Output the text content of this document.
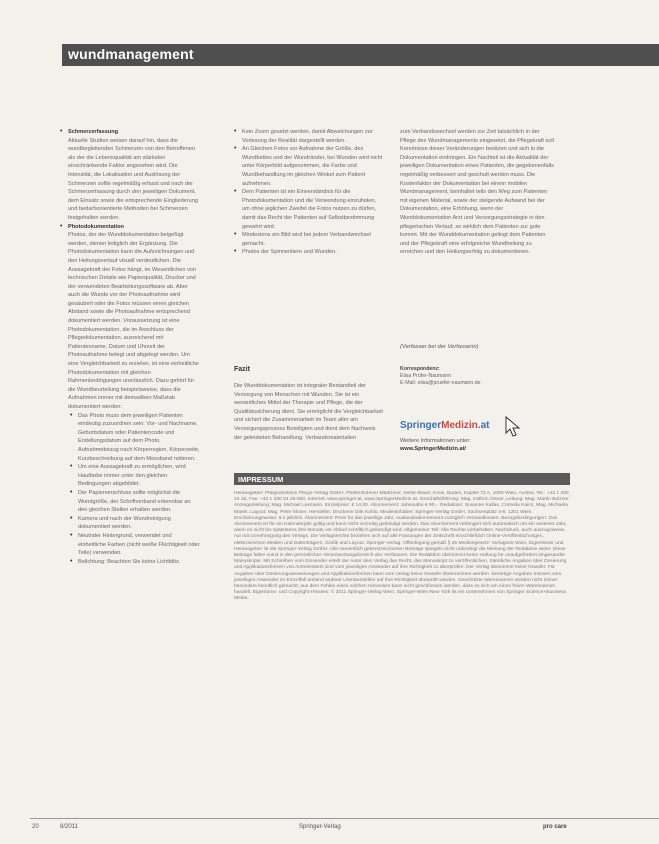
wundmanagement
• Schmerzerfassung
Aktuelle Studien weisen darauf hin, dass die wundbegleitenden Schmerzen von den Betroffenen als der die Lebensqualität am stärksten einschränkende Faktor angesehen wird. Die Intensität, die Lokalisation und Auslösung der Schmerzen sollte regelmäßig erfasst und nach der Schmerzerfassung durch den jeweiligen Dokument, dem Einsatz sowie die entsprechende Eingliederung und bedarfsorientierte Methoden bei Schmerzen festgehalten werden.
• Photodokumentation
Photos, der der Wunddokumentation beigefügt werden, dienen lediglich der Ergänzung. Die Photodokumentation kann die Aufzeichnungen und den Heilungsverlauf visuell verdeutlichen. Die Aussagekraft der Fotos hängt, im Wesentlichen von technischen Details wie Papierqualität, Drucker und der verwendeten Bearbeitungssoftware ab. Aber auch die Wunde vor der Photoaufnahme wird gesäubert oder die Fotos müssen einen gleichen Abstand sowie die Photoaufnahme entsprechend dokumentiert werden. Voraussetzung ist eine Photodokumentation, die im Anschluss der Pflegedokumentation, ausreichend mit Patientenname, Datum und Uhrzeit der Photoaufnahme belegt und abgelegt werden. Um eine Vergleichbarkeit zu erzielen, ist eine einheitliche Photodokumentation mit gleichen Rahmenbedingungen unerlässlich. Dazu gehört für die Wundbeurteilung beispielsweise, dass die Aufnahmen immer mit demselben Maßstab dokumentiert werden:
• Das Photo muss dem jeweiligen Patienten eindeutig zuzuordnen sein: Vor- und Nachname, Geburtsdatum oder Patientencode und Erstellungsdatum auf dem Photo, Aufnahmebezug nach Körperregion, Körperseite, Kurzbeschreibung auf dem Messband notieren.
• Um eine Aussagekraft zu ermöglichen, wird Hautfarbe immer unter den gleichen Bedingungen abgebildet.
• Der Papierverschluss sollte möglichst die Wundgröße, der Schriftverband erkennbar an den gleichen Stellen erhalten werden.
• Kamera und nach der Wundreinigung dokumentiert werden.
• Neutraler Hintergrund, verwendet und einheitliche Farben (nicht weiße Flüchtigkeit oder Teile) verwenden.
• Belichtung: Beachten Sie keine Lichtblitz.
• Kein Zoom gesetzt werden, damit Abweichungen zur Vorlesung der Realität dargestellt werden.
• An Gleichen Fotos vor Aufnahme der Größe, des Wundbettes und der Wundränder, bei Wunden wird nicht unter Körperbild aufgenommen, die Farbe und Wundbehandlung im gleichen Winkel zum Patient aufnehmen.
• Dem Patienten ist ein Einverständnis für die Photodokumentation und die Verwendung einzuholen, um ohne jeglichen Zweifel die Fotos nutzen zu dürfen, damit das Recht der Patienten auf Selbstbestimmung gewahrt wird.
• Mindestens ein Bild wird bei jedem Verbandwechsel gemacht.
• Photos der Spinnentiere und Wunden.
Fazit
Die Wunddokumentation ist integraler Bestandteil der Versorgung von Menschen mit Wunden. Sie ist ein wesentliches Mittel der Therapie und Pflege, die der Qualitätssicherung dient. Sie ermöglicht die Vergleichbarkeit und sichert die Zusammenarbeit im Team aller am Versorgungsprozess Beteiligten und dient dem Nachweis der geleisteten Behandlung. Verbandsmaterialien
zum Verbandswechsel werden zur Zeit tatsächlich in der Pflege des Wundmanagements eingesetzt, die Pflegekraft soll Kenntnisse dieser Veränderungen besitzen und sich in die Dokumentation einbringen. Ein Nachteil ist die Aktualität der jeweiligen Dokumentation eines Patienten, die gegebenenfalls regelmäßig verbessert und geschult werden muss. Die Kostenfaktor der Dokumentation bei einem mobilen Wundmanagement, beinhaltet teils den Weg zum Patienten mit eigenen Material, sowie der steigende Aufwand bei der Dokumentation, eine Erhöhung, wenn der Wunddokumentation Arzt und Versorgungsstrategie in den pflegerischen Verlauf, so wirklich dem Patienten zur gute kommt. Mit der Wunddokumentation gelingt dem Patienten und der Pflegekraft eine erfolgreiche Wundheilung zu erreichen und den Heilungserfolg zu dokumentieren.
(Verfasser bei der Verfasserin)
Korrespondenz:
Elisa Prüfer-Naumann
E-Mail: elisa@pruefer-naumann.de
SpringerMedizin.at
Weitere Informationen unter:
www.SpringerMedizin.at/
IMPRESSUM
Herausgeber: Pflegedirektion Pflege-Verlag GmbH, Pfaffenhofener Mediziner, Seifer-Bauer, Kreis, Baden, Kapitel 72 A, 1050 Wien, Austria, Tel.: +43 1 330 24 15, Fax: +43 1 330 24 26-500, Internet: www.springer.at, www.SpringerMedizin.at. Geschäftsführung: Mag. Kathrin Ortner, Leitung: Mag. Martin Bolzner. Anzeigenleitung: Mag. Michael Lexmann. Einzelpreis: € 14,00. Abonnement: Jahresabo € 90,-. Redaktion: Susanne Kallas, Cornelia Kainz, Mag. Michaela Marek. Layout: Mag. Peter Moser. Hersteller: Druckerei Dirk Kahlo. Medieninhaber: Springer-Verlag GmbH, Sachsenplatz 4-6, 1201 Wien. Erscheinungsweise: 8 x jährlich. Abonnement: Preis für das jeweilige Jahr, Auslandsabonnement zuzüglich Versandkosten. Bezugsbedingungen: Das Abonnement ist für ein Kalenderjahr gültig und kann nicht vorzeitig gekündigt werden. Das Abonnement verlängert sich automatisch um ein weiteres Jahr, wenn es nicht bis spätestens drei Monate vor Ablauf schriftlich gekündigt wird. Allgemeiner Teil: Alle Rechte vorbehalten. Nachdruck, auch auszugsweise, nur mit Genehmigung des Verlags. Die Verlagsrechte beziehen sich auf alle Fassungen der Zeitschrift einschließlich Online-Veröffentlichungen, elektronischen Medien und Datenträgern. Grafik und Layout: Springer-Verlag. Offenlegung gemäß § 25 Mediengesetz: Verlagsort Wien, Eigentümer und Herausgeber ist die Springer-Verlag GmbH. Alle namentlich gekennzeichneten Beiträge spiegeln nicht unbedingt die Meinung der Redaktion wider. Diese Beiträge fallen somit in den persönlichen Verantwortungsbereich des Verfassers. Die Redaktion übernimmt keine Haftung für unaufgefordert eingesandte Manuskripte. Mit Schreiben vom Einsender erteilt der Autor dem Verlag das Recht, das Manuskript zu veröffentlichen. Sämtliche Angaben über Dosierung und Applikationsformen von Arzneimitteln sind vom jeweiligen Anwender auf ihre Richtigkeit zu überprüfen. Der Verlag übernimmt keine Gewähr. Für Angaben über Dosierungsanweisungen und Applikationsformen kann vom Verlag keine Gewähr übernommen werden. Derartige Angaben müssen vom jeweiligen Anwender im Einzelfall anhand anderer Literaturstellen auf ihre Richtigkeit überprüft werden. Geschützte Warennamen werden nicht immer besonders kenntlich gemacht; aus dem Fehlen eines solchen Hinweises kann nicht geschlossen werden, dass es sich um einen freien Warennamen handelt. Eigentums- und Copyright-Hinweis: © 2011 Springer-Verlag Wien. Springer-Wien-New York ist ein Unternehmen von Springer Science+Business Media.
20	8/2011	Springer-Verlag	pro care
